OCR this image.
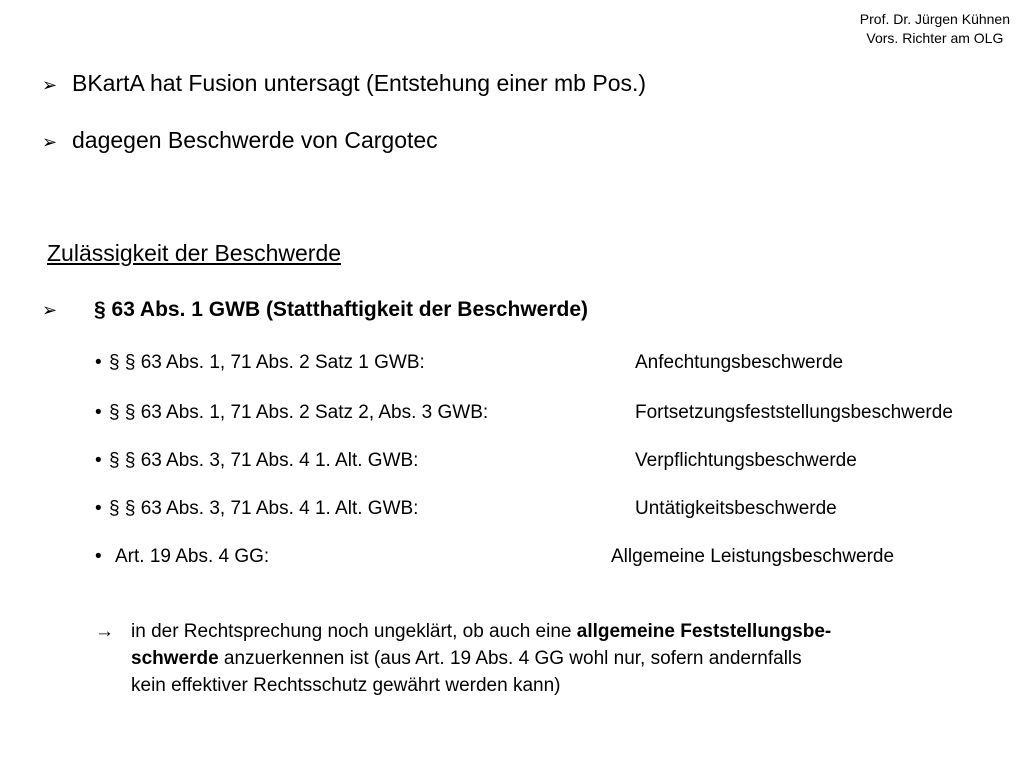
Prof. Dr. Jürgen Kühnen
Vors. Richter am OLG
➢ BKartA hat Fusion untersagt (Entstehung einer mb Pos.)
➢ dagegen Beschwerde von Cargotec
Zulässigkeit der Beschwerde
➢ § 63 Abs. 1 GWB (Statthaftigkeit der Beschwerde)
• § § 63 Abs. 1, 71 Abs. 2 Satz 1 GWB:	Anfechtungsbeschwerde
• § § 63 Abs. 1, 71 Abs. 2 Satz 2, Abs. 3 GWB:	Fortsetzungsfeststellungsbeschwerde
• § § 63 Abs. 3, 71 Abs. 4 1. Alt. GWB:	Verpflichtungsbeschwerde
• § § 63 Abs. 3, 71 Abs. 4 1. Alt. GWB:	Untätigkeitsbeschwerde
• Art. 19 Abs. 4 GG:	Allgemeine Leistungsbeschwerde
→ in der Rechtsprechung noch ungeklärt, ob auch eine allgemeine Feststellungsbe-
schwerde anzuerkennen ist (aus Art. 19 Abs. 4 GG wohl nur, sofern andernfalls
kein effektiver Rechtsschutz gewährt werden kann)
